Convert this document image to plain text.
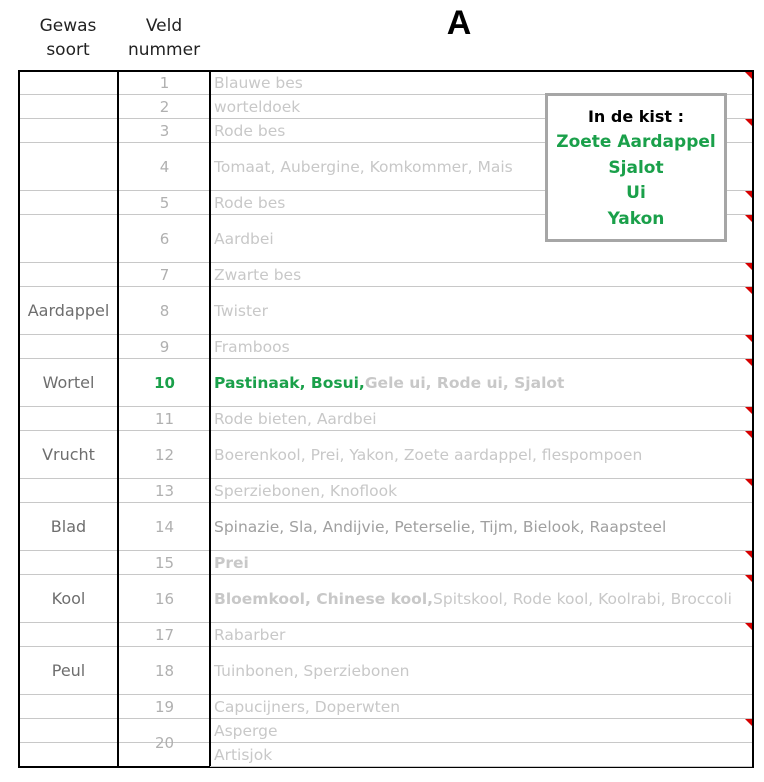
Gewas
soort
Veld
nummer
A
Blauwe bes
worteldoek
Rode bes
Tomaat, Aubergine, Komkommer, Mais
Rode bes
Aardbei
Zwarte bes
Twister
Framboos
Pastinaak, Bosui, Gele ui, Rode ui, Sjalot
Rode bieten, Aardbei
Boerenkool, Prei, Yakon, Zoete aardappel, flespompoen
Sperziebonen, Knoflook
Spinazie, Sla, Andijvie, Peterselie, Tijm, Bielook, Raapsteel
Prei
Bloemkool, Chinese kool, Spitskool, Rode kool, Koolrabi, Broccoli
Rabarber
Tuinbonen, Sperziebonen
Capucijners, Doperwten
Asperge
Artisjok
1
2
3
4
5
6
7
8
Aardappel
9
10
Wortel
11
12
Vrucht
13
14
Blad
15
16
Kool
17
18
Peul
19
20
In de kist :
Zoete Aardappel
Sjalot
Ui
Yakon
